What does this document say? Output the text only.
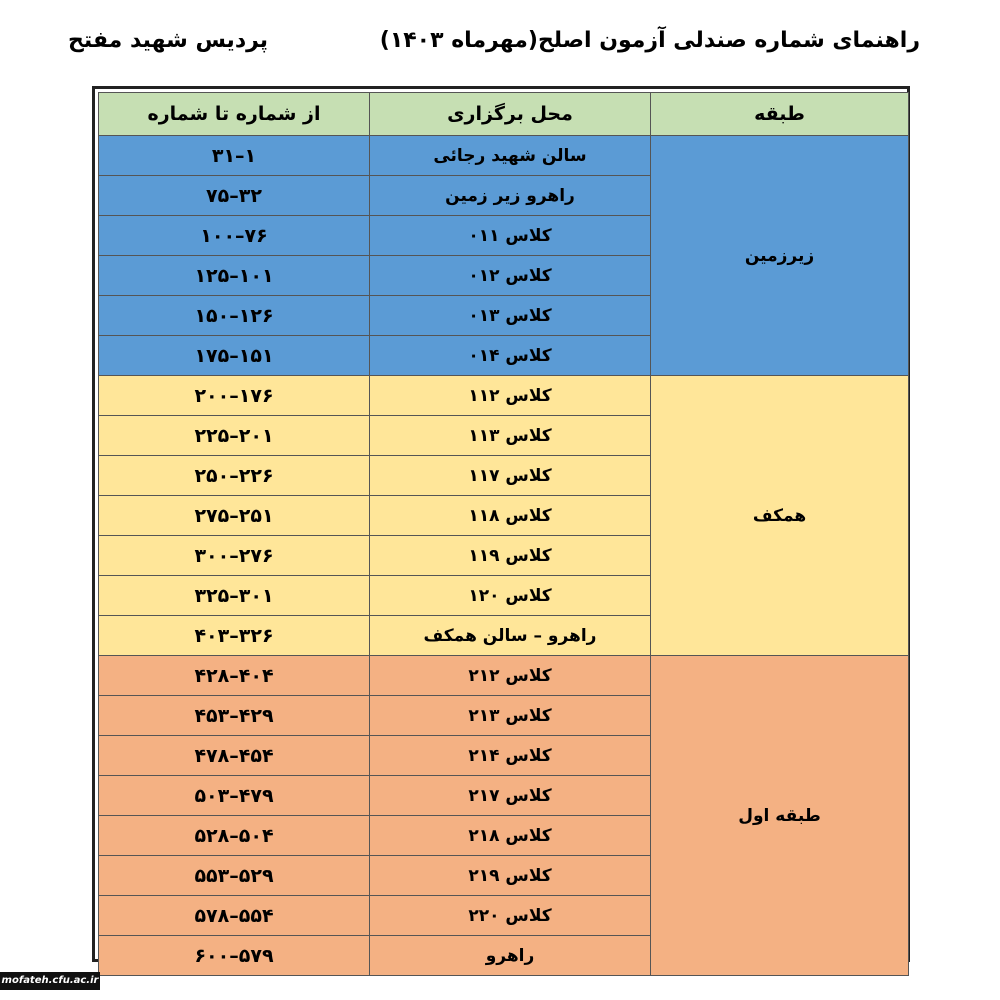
راهنمای شماره صندلی آزمون اصلح(مهرماه ۱۴۰۳)
پردیس شهید مفتح
طبقه	محل برگزاری	از شماره تا شماره
زیرزمین	سالن شهید رجائی	۱–۳۱
	راهرو زیر زمین	۳۲–۷۵
	کلاس ۰۱۱	۷۶–۱۰۰
	کلاس ۰۱۲	۱۰۱–۱۲۵
	کلاس ۰۱۳	۱۲۶–۱۵۰
	کلاس ۰۱۴	۱۵۱–۱۷۵
همکف	کلاس ۱۱۲	۱۷۶–۲۰۰
	کلاس ۱۱۳	۲۰۱–۲۲۵
	کلاس ۱۱۷	۲۲۶–۲۵۰
	کلاس ۱۱۸	۲۵۱–۲۷۵
	کلاس ۱۱۹	۲۷۶–۳۰۰
	کلاس ۱۲۰	۳۰۱–۳۲۵
	راهرو – سالن همکف	۳۲۶–۴۰۳
طبقه اول	کلاس ۲۱۲	۴۰۴–۴۲۸
	کلاس ۲۱۳	۴۲۹–۴۵۳
	کلاس ۲۱۴	۴۵۴–۴۷۸
	کلاس ۲۱۷	۴۷۹–۵۰۳
	کلاس ۲۱۸	۵۰۴–۵۲۸
	کلاس ۲۱۹	۵۲۹–۵۵۳
	کلاس ۲۲۰	۵۵۴–۵۷۸
	راهرو	۵۷۹–۶۰۰
mofateh.cfu.ac.ir
